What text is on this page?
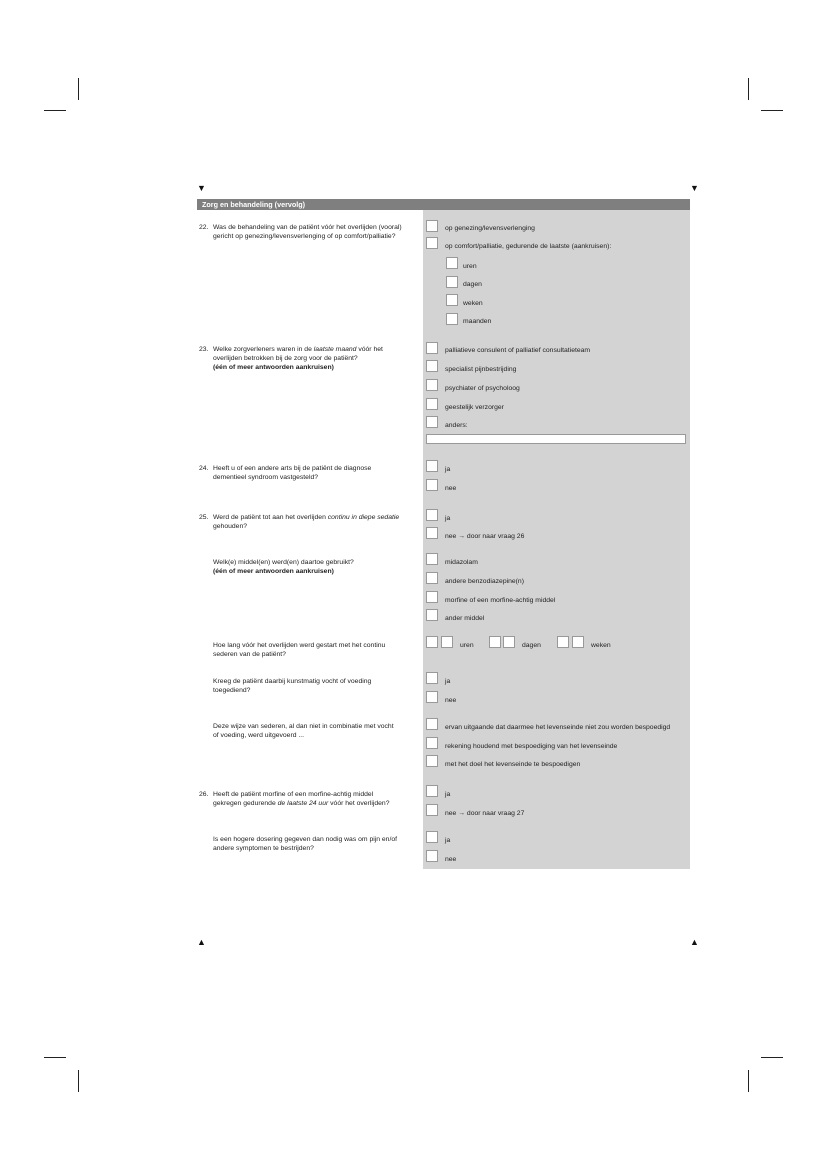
▼	▼
▲	▲
Zorg en behandeling (vervolg)
22. Was de behandeling van de patiënt vóór het overlijden (vooral)
gericht op genezing/levensverlenging of op comfort/palliatie?
op genezing/levensverlenging
op comfort/palliatie, gedurende de laatste (aankruisen):
uren
dagen
weken
maanden
23. Welke zorgverleners waren in de laatste maand vóór het
overlijden betrokken bij de zorg voor de patiënt?
(één of meer antwoorden aankruisen)
palliatieve consulent of palliatief consultatieteam
specialist pijnbestrijding
psychiater of psycholoog
geestelijk verzorger
anders:
24. Heeft u of een andere arts bij de patiënt de diagnose
dementieel syndroom vastgesteld?
ja
nee
25. Werd de patiënt tot aan het overlijden continu in diepe sedatie
gehouden?
ja
nee → door naar vraag 26
Welk(e) middel(en) werd(en) daartoe gebruikt?
(één of meer antwoorden aankruisen)
midazolam
andere benzodiazepine(n)
morfine of een morfine-achtig middel
ander middel
Hoe lang vóór het overlijden werd gestart met het continu
sederen van de patiënt?
uren	dagen	weken
Kreeg de patiënt daarbij kunstmatig vocht of voeding
toegediend?
ja
nee
Deze wijze van sederen, al dan niet in combinatie met vocht
of voeding, werd uitgevoerd ...
ervan uitgaande dat daarmee het levenseinde niet zou worden bespoedigd
rekening houdend met bespoediging van het levenseinde
met het doel het levenseinde te bespoedigen
26. Heeft de patiënt morfine of een morfine-achtig middel
gekregen gedurende de laatste 24 uur vóór het overlijden?
ja
nee → door naar vraag 27
Is een hogere dosering gegeven dan nodig was om pijn en/of
andere symptomen te bestrijden?
ja
nee
